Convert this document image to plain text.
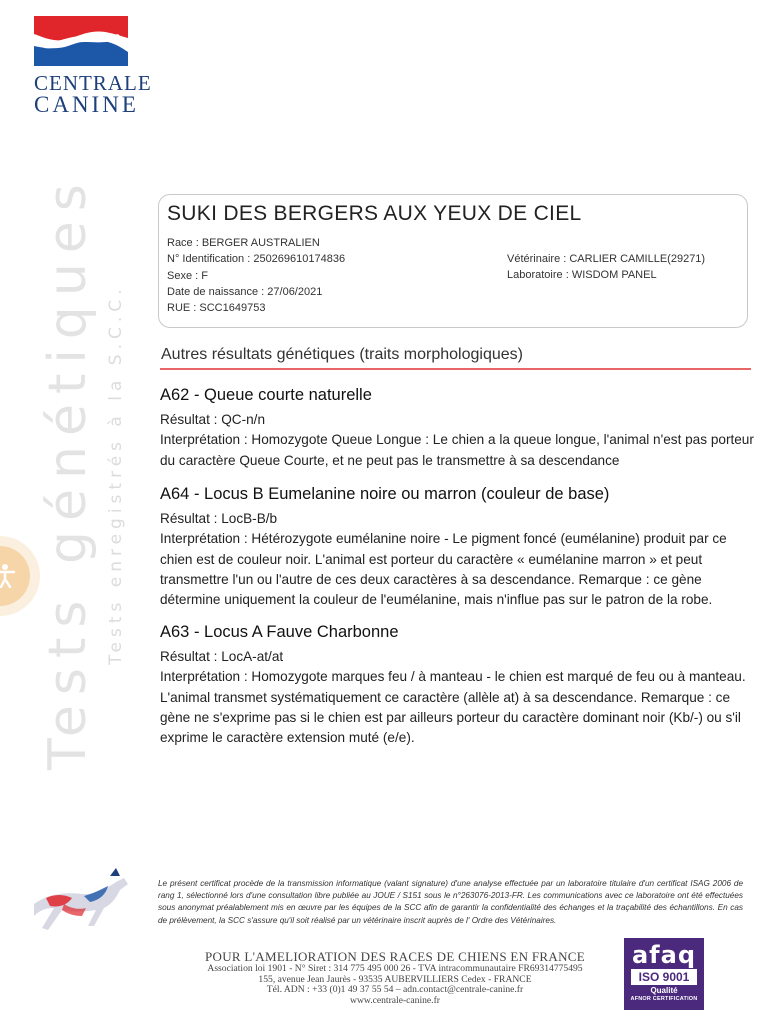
CENTRALE
CANINE
Tests génétiques Tests enregistrés à la S.C.C.
SUKI DES BERGERS AUX YEUX DE CIEL
Race : BERGER AUSTRALIEN
N° Identification : 250269610174836
Sexe : F
Date de naissance : 27/06/2021
RUE : SCC1649753
Vétérinaire : CARLIER CAMILLE(29271)
Laboratoire : WISDOM PANEL
Autres résultats génétiques (traits morphologiques)
A62 - Queue courte naturelle

Résultat : QC-n/n

Interprétation : Homozygote Queue Longue : Le chien a la queue longue, l'animal n'est pas porteur du caractère Queue Courte, et ne peut pas le transmettre à sa descendance

A64 - Locus B Eumelanine noire ou marron (couleur de base)

Résultat : LocB-B/b

Interprétation : Hétérozygote eumélanine noire - Le pigment foncé (eumélanine) produit par ce chien est de couleur noir. L'animal est porteur du caractère « eumélanine marron » et peut transmettre l'un ou l'autre de ces deux caractères à sa descendance. Remarque : ce gène détermine uniquement la couleur de l'eumélanine, mais n'influe pas sur le patron de la robe.

A63 - Locus A Fauve Charbonne

Résultat : LocA-at/at

Interprétation : Homozygote marques feu / à manteau - le chien est marqué de feu ou à manteau. L'animal transmet systématiquement ce caractère (allèle at) à sa descendance. Remarque : ce gène ne s'exprime pas si le chien est par ailleurs porteur du caractère dominant noir (Kb/-) ou s'il exprime le caractère extension muté (e/e).

Le présent certificat procède de la transmission informatique (valant signature) d'une analyse effectuée par un laboratoire titulaire d'un certificat ISAG 2006 de rang 1, sélectionné lors d'une consultation libre publiée au JOUE / S151 sous le n°263076-2013-FR. Les communications avec ce laboratoire ont été effectuées sous anonymat préalablement mis en œuvre par les équipes de la SCC afin de garantir la confidentialité des échanges et la traçabilité des échantillons. En cas de prélèvement, la SCC s'assure qu'il soit réalisé par un vétérinaire inscrit auprès de l' Ordre des Vétérinaires.
POUR L'AMELIORATION DES RACES DE CHIENS EN FRANCE
Association loi 1901 - N° Siret : 314 775 495 000 26 - TVA intracommunautaire FR69314775495
155, avenue Jean Jaurès - 93535 AUBERVILLIERS Cedex - FRANCE
Tél. ADN : +33 (0)1 49 37 55 54 – adn.contact@centrale-canine.fr
www.centrale-canine.fr
afaq
ISO 9001
Qualité
AFNOR CERTIFICATION
